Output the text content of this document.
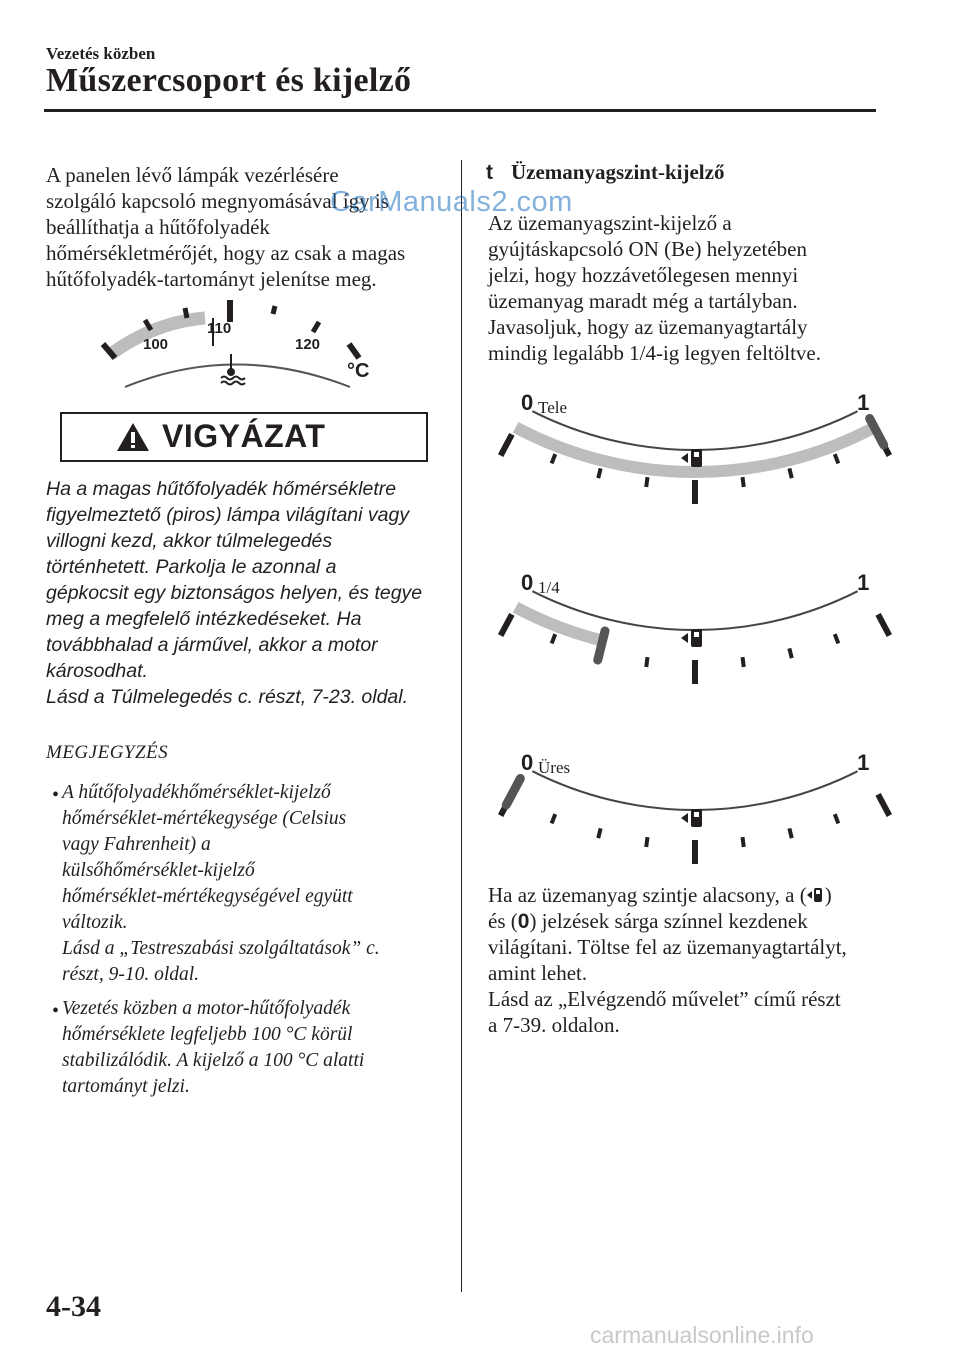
Vezetés közben
Műszercsoport és kijelző
A panelen lévő lámpák vezérlésére
szolgáló kapcsoló megnyomásával így is
beállíthatja a hűtőfolyadék
hőmérsékletmérőjét, hogy az csak a magas
hűtőfolyadék-tartományt jelenítse meg.
100
110
120
°C
VIGYÁZAT
Ha a magas hűtőfolyadék hőmérsékletre
figyelmeztető (piros) lámpa világítani vagy
villogni kezd, akkor túlmelegedés
történhetett. Parkolja le azonnal a
gépkocsit egy biztonságos helyen, és tegye
meg a megfelelő intézkedéseket. Ha
továbbhalad a járművel, akkor a motor
károsodhat.
Lásd a Túlmelegedés c. részt, 7-23. oldal.
MEGJEGYZÉS
• A hűtőfolyadékhőmérséklet-kijelző
hőmérséklet-mértékegysége (Celsius
vagy Fahrenheit) a
külsőhőmérséklet-kijelző
hőmérséklet-mértékegységével együtt
változik.
Lásd a „Testreszabási szolgáltatások” c.
részt, 9-10. oldal.
• Vezetés közben a motor-hűtőfolyadék
hőmérséklete legfeljebb 100 °C körül
stabilizálódik. A kijelző a 100 °C alatti
tartományt jelzi.
t Üzemanyagszint-kijelző
Az üzemanyagszint-kijelző a
gyújtáskapcsoló ON (Be) helyzetében
jelzi, hogy hozzávetőlegesen mennyi
üzemanyag maradt még a tartályban.
Javasoljuk, hogy az üzemanyagtartály
mindig legalább 1/4-ig legyen feltöltve.
Tele
0	1
1/4
0	1
Üres
0	1
Ha az üzemanyag szintje alacsony, a ( )
és (0) jelzések sárga színnel kezdenek
világítani. Töltse fel az üzemanyagtartályt,
amint lehet.
Lásd az „Elvégzendő művelet” című részt
a 7-39. oldalon.
4-34
carmanualsonline.info
CarManuals2.com
